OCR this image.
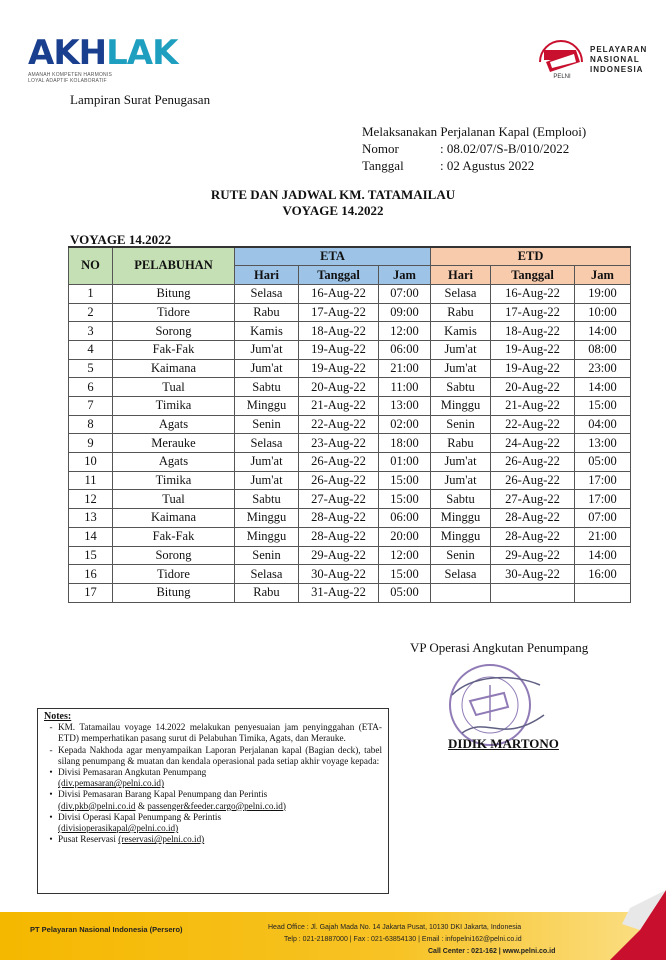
AKHLAK
AMANAH KOMPETEN HARMONIS
LOYAL ADAPTIF KOLABORATIF
PELNI
PELAYARAN
NASIONAL
INDONESIA
Lampiran Surat Penugasan
Melaksanakan Perjalanan Kapal (Emplooi)
Nomor	: 08.02/07/S-B/010/2022
Tanggal	: 02 Agustus 2022
RUTE DAN JADWAL KM. TATAMAILAU
VOYAGE 14.2022
VOYAGE 14.2022
NO	PELABUHAN	ETA			ETD		
		Hari	Tanggal	Jam	Hari	Tanggal	Jam
1	Bitung	Selasa	16-Aug-22	07:00	Selasa	16-Aug-22	19:00
2	Tidore	Rabu	17-Aug-22	09:00	Rabu	17-Aug-22	10:00
3	Sorong	Kamis	18-Aug-22	12:00	Kamis	18-Aug-22	14:00
4	Fak-Fak	Jum'at	19-Aug-22	06:00	Jum'at	19-Aug-22	08:00
5	Kaimana	Jum'at	19-Aug-22	21:00	Jum'at	19-Aug-22	23:00
6	Tual	Sabtu	20-Aug-22	11:00	Sabtu	20-Aug-22	14:00
7	Timika	Minggu	21-Aug-22	13:00	Minggu	21-Aug-22	15:00
8	Agats	Senin	22-Aug-22	02:00	Senin	22-Aug-22	04:00
9	Merauke	Selasa	23-Aug-22	18:00	Rabu	24-Aug-22	13:00
10	Agats	Jum'at	26-Aug-22	01:00	Jum'at	26-Aug-22	05:00
11	Timika	Jum'at	26-Aug-22	15:00	Jum'at	26-Aug-22	17:00
12	Tual	Sabtu	27-Aug-22	15:00	Sabtu	27-Aug-22	17:00
13	Kaimana	Minggu	28-Aug-22	06:00	Minggu	28-Aug-22	07:00
14	Fak-Fak	Minggu	28-Aug-22	20:00	Minggu	28-Aug-22	21:00
15	Sorong	Senin	29-Aug-22	12:00	Senin	29-Aug-22	14:00
16	Tidore	Selasa	30-Aug-22	15:00	Selasa	30-Aug-22	16:00
17	Bitung	Rabu	31-Aug-22	05:00			
VP Operasi Angkutan Penumpang
DIDIK MARTONO
Notes:
- KM. Tatamailau voyage 14.2022 melakukan penyesuaian jam penyinggahan (ETA-ETD) memperhatikan pasang surut di Pelabuhan Timika, Agats, dan Merauke.
- Kepada Nakhoda agar menyampaikan Laporan Perjalanan kapal (Bagian deck), tabel silang penumpang & muatan dan kendala operasional pada setiap akhir voyage kepada:
• Divisi Pemasaran Angkutan Penumpang
(div.pemasaran@pelni.co.id)
• Divisi Pemasaran Barang Kapal Penumpang dan Perintis
(div.pkb@pelni.co.id & passenger&feeder.cargo@pelni.co.id)
• Divisi Operasi Kapal Penumpang & Perintis
(divisioperasikapal@pelni.co.id)
• Pusat Reservasi (reservasi@pelni.co.id)
PT Pelayaran Nasional Indonesia (Persero)	Head Office : Jl. Gajah Mada No. 14 Jakarta Pusat, 10130 DKI Jakarta, Indonesia
Telp : 021-21887000 | Fax : 021-63854130 | Email : infopelni162@pelni.co.id
Call Center : 021-162 | www.pelni.co.id
